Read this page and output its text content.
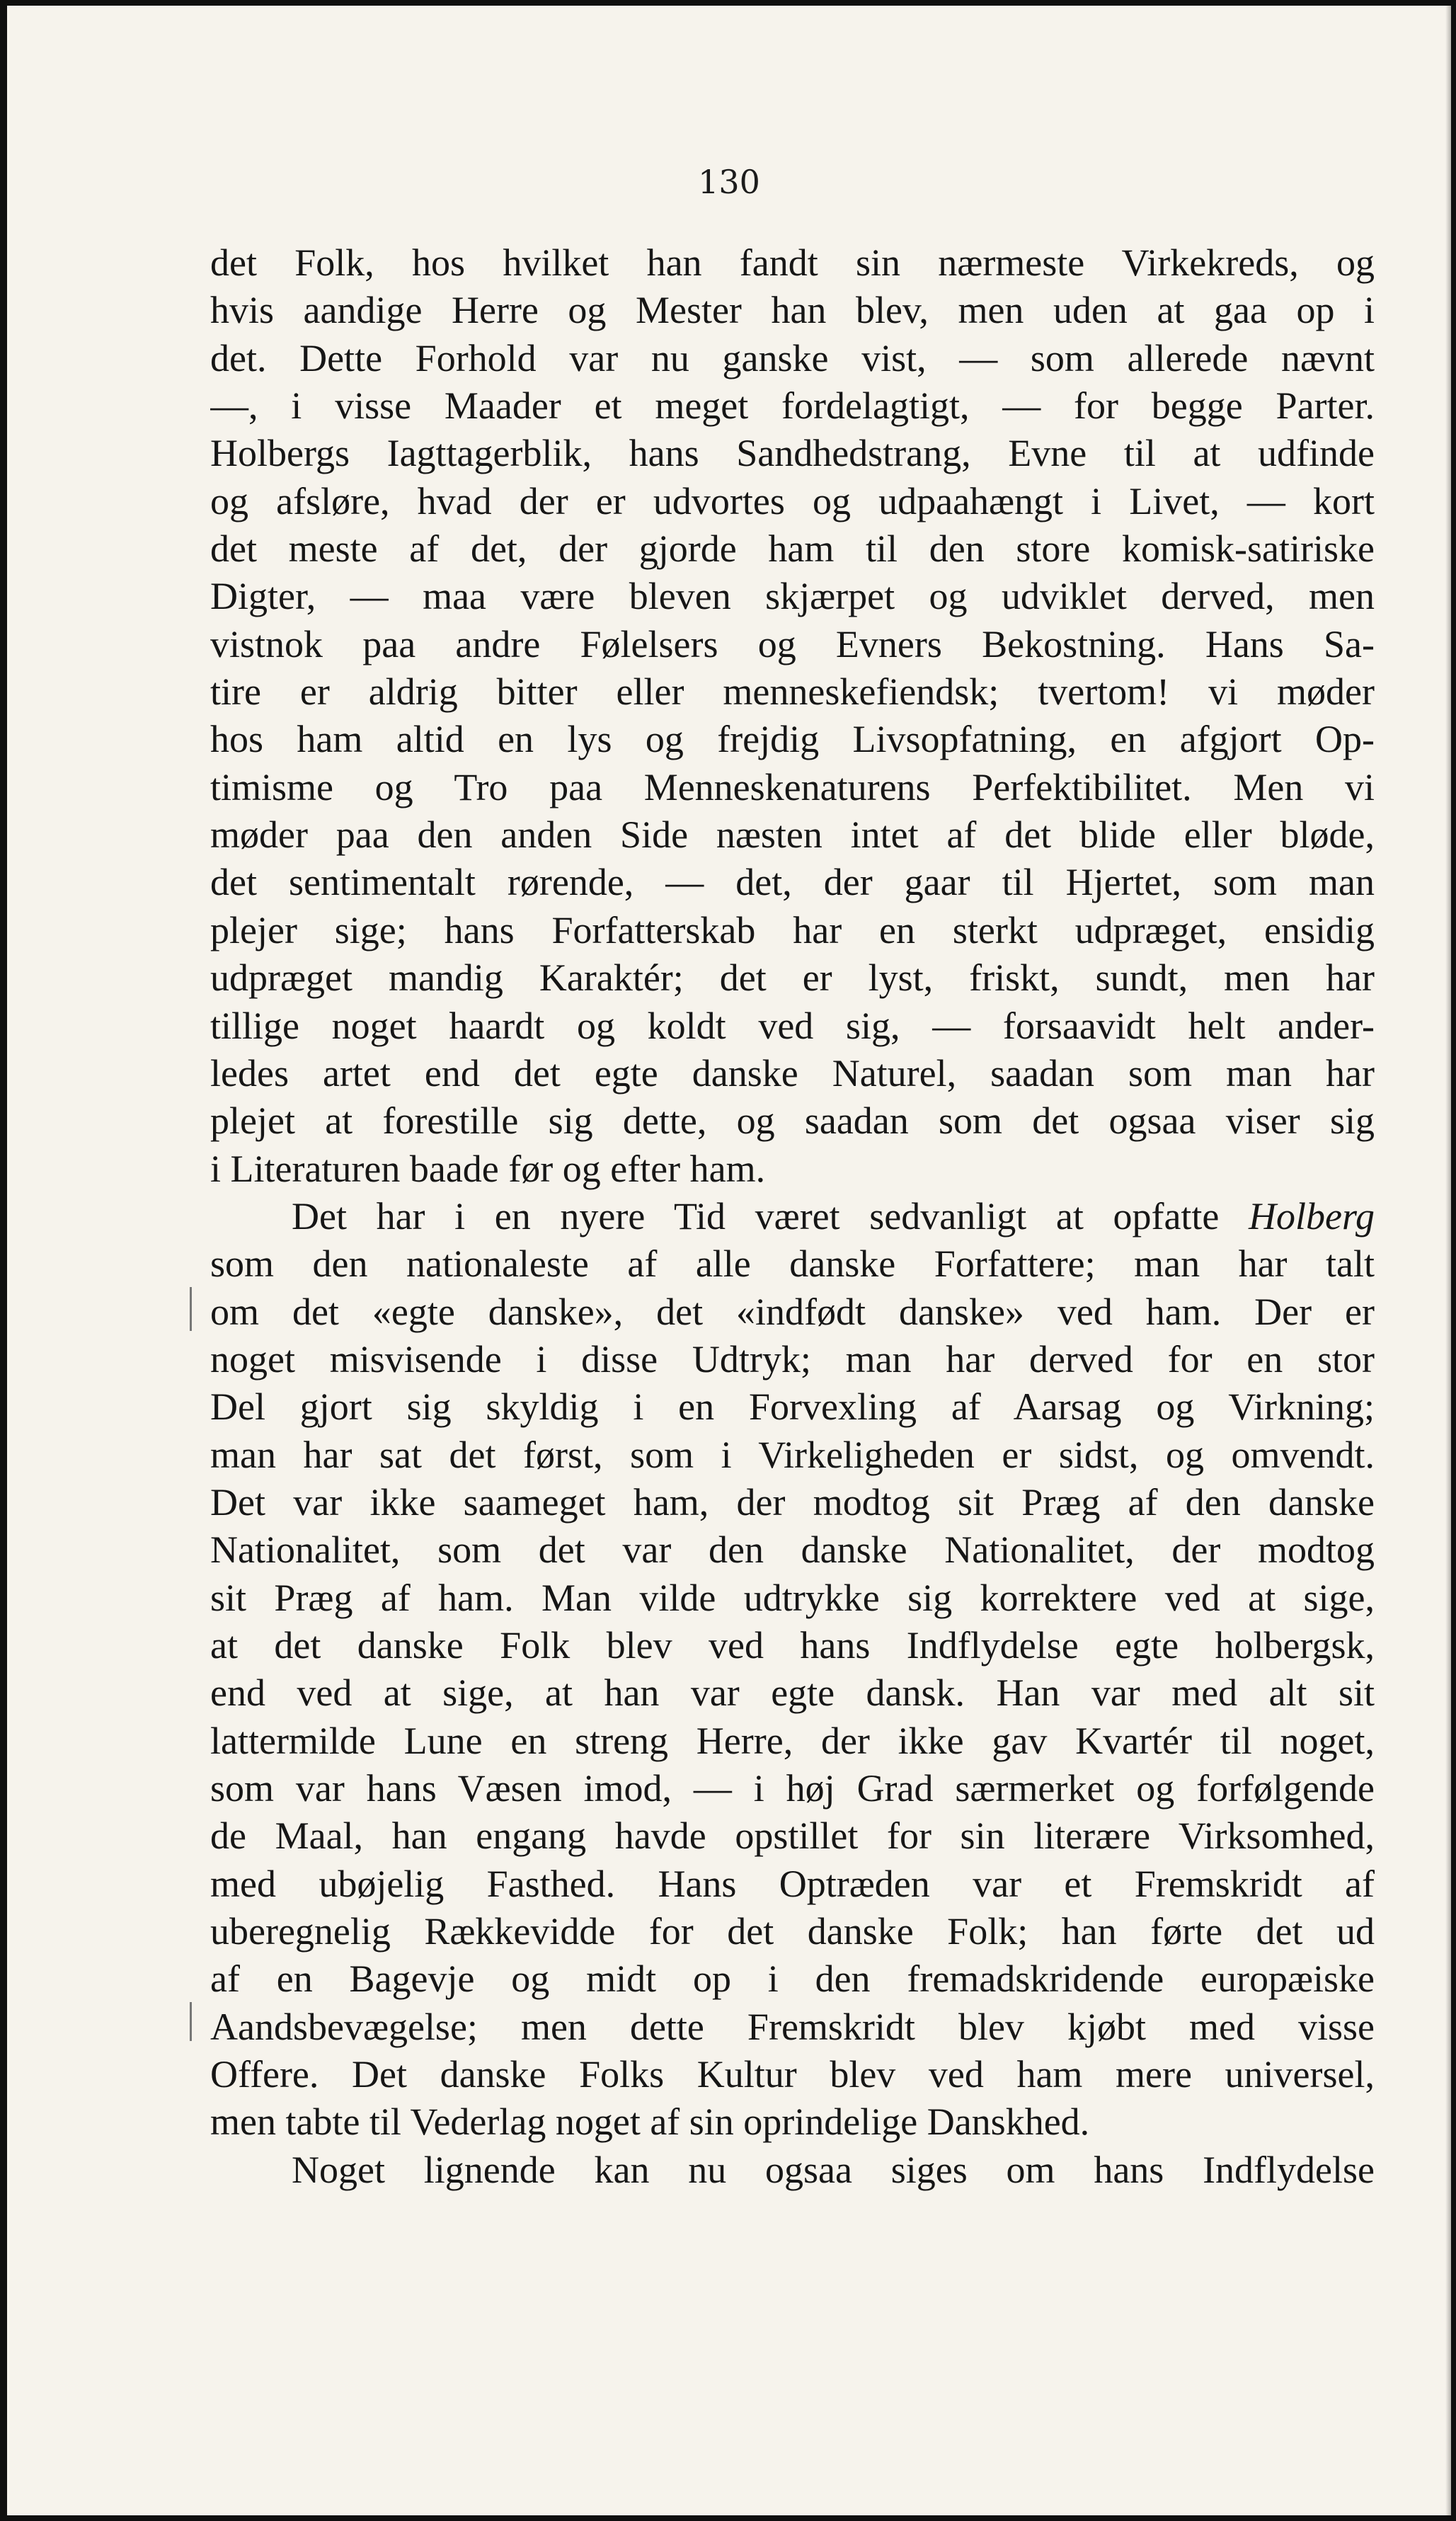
130

det Folk, hos hvilket han fandt sin nærmeste Virkekreds, og
hvis aandige Herre og Mester han blev, men uden at gaa op i
det. Dette Forhold var nu ganske vist, — som allerede nævnt
—, i visse Maader et meget fordelagtigt, — for begge Parter.
Holbergs Iagttagerblik, hans Sandhedstrang, Evne til at udfinde
og afsløre, hvad der er udvortes og udpaahængt i Livet, — kort
det meste af det, der gjorde ham til den store komisk-satiriske
Digter, — maa være bleven skjærpet og udviklet derved, men
vistnok paa andre Følelsers og Evners Bekostning. Hans Sa-
tire er aldrig bitter eller menneskefiendsk; tvertom! vi møder
hos ham altid en lys og frejdig Livsopfatning, en afgjort Op-
timisme og Tro paa Menneskenaturens Perfektibilitet. Men vi
møder paa den anden Side næsten intet af det blide eller bløde,
det sentimentalt rørende, — det, der gaar til Hjertet, som man
plejer sige; hans Forfatterskab har en sterkt udpræget, ensidig
udpræget mandig Karaktér; det er lyst, friskt, sundt, men har
tillige noget haardt og koldt ved sig, — forsaavidt helt ander-
ledes artet end det egte danske Naturel, saadan som man har
plejet at forestille sig dette, og saadan som det ogsaa viser sig
i Literaturen baade før og efter ham.
Det har i en nyere Tid været sedvanligt at opfatte Holberg
som den nationaleste af alle danske Forfattere; man har talt
om det «egte danske», det «indfødt danske» ved ham. Der er
noget misvisende i disse Udtryk; man har derved for en stor
Del gjort sig skyldig i en Forvexling af Aarsag og Virkning;
man har sat det først, som i Virkeligheden er sidst, og omvendt.
Det var ikke saameget ham, der modtog sit Præg af den danske
Nationalitet, som det var den danske Nationalitet, der modtog
sit Præg af ham. Man vilde udtrykke sig korrektere ved at sige,
at det danske Folk blev ved hans Indflydelse egte holbergsk,
end ved at sige, at han var egte dansk. Han var med alt sit
lattermilde Lune en streng Herre, der ikke gav Kvartér til noget,
som var hans Væsen imod, — i høj Grad særmerket og forfølgende
de Maal, han engang havde opstillet for sin literære Virksomhed,
med ubøjelig Fasthed. Hans Optræden var et Fremskridt af
uberegnelig Rækkevidde for det danske Folk; han førte det ud
af en Bagevje og midt op i den fremadskridende europæiske
Aandsbevægelse; men dette Fremskridt blev kjøbt med visse
Offere. Det danske Folks Kultur blev ved ham mere universel,
men tabte til Vederlag noget af sin oprindelige Danskhed.
Noget lignende kan nu ogsaa siges om hans Indflydelse
